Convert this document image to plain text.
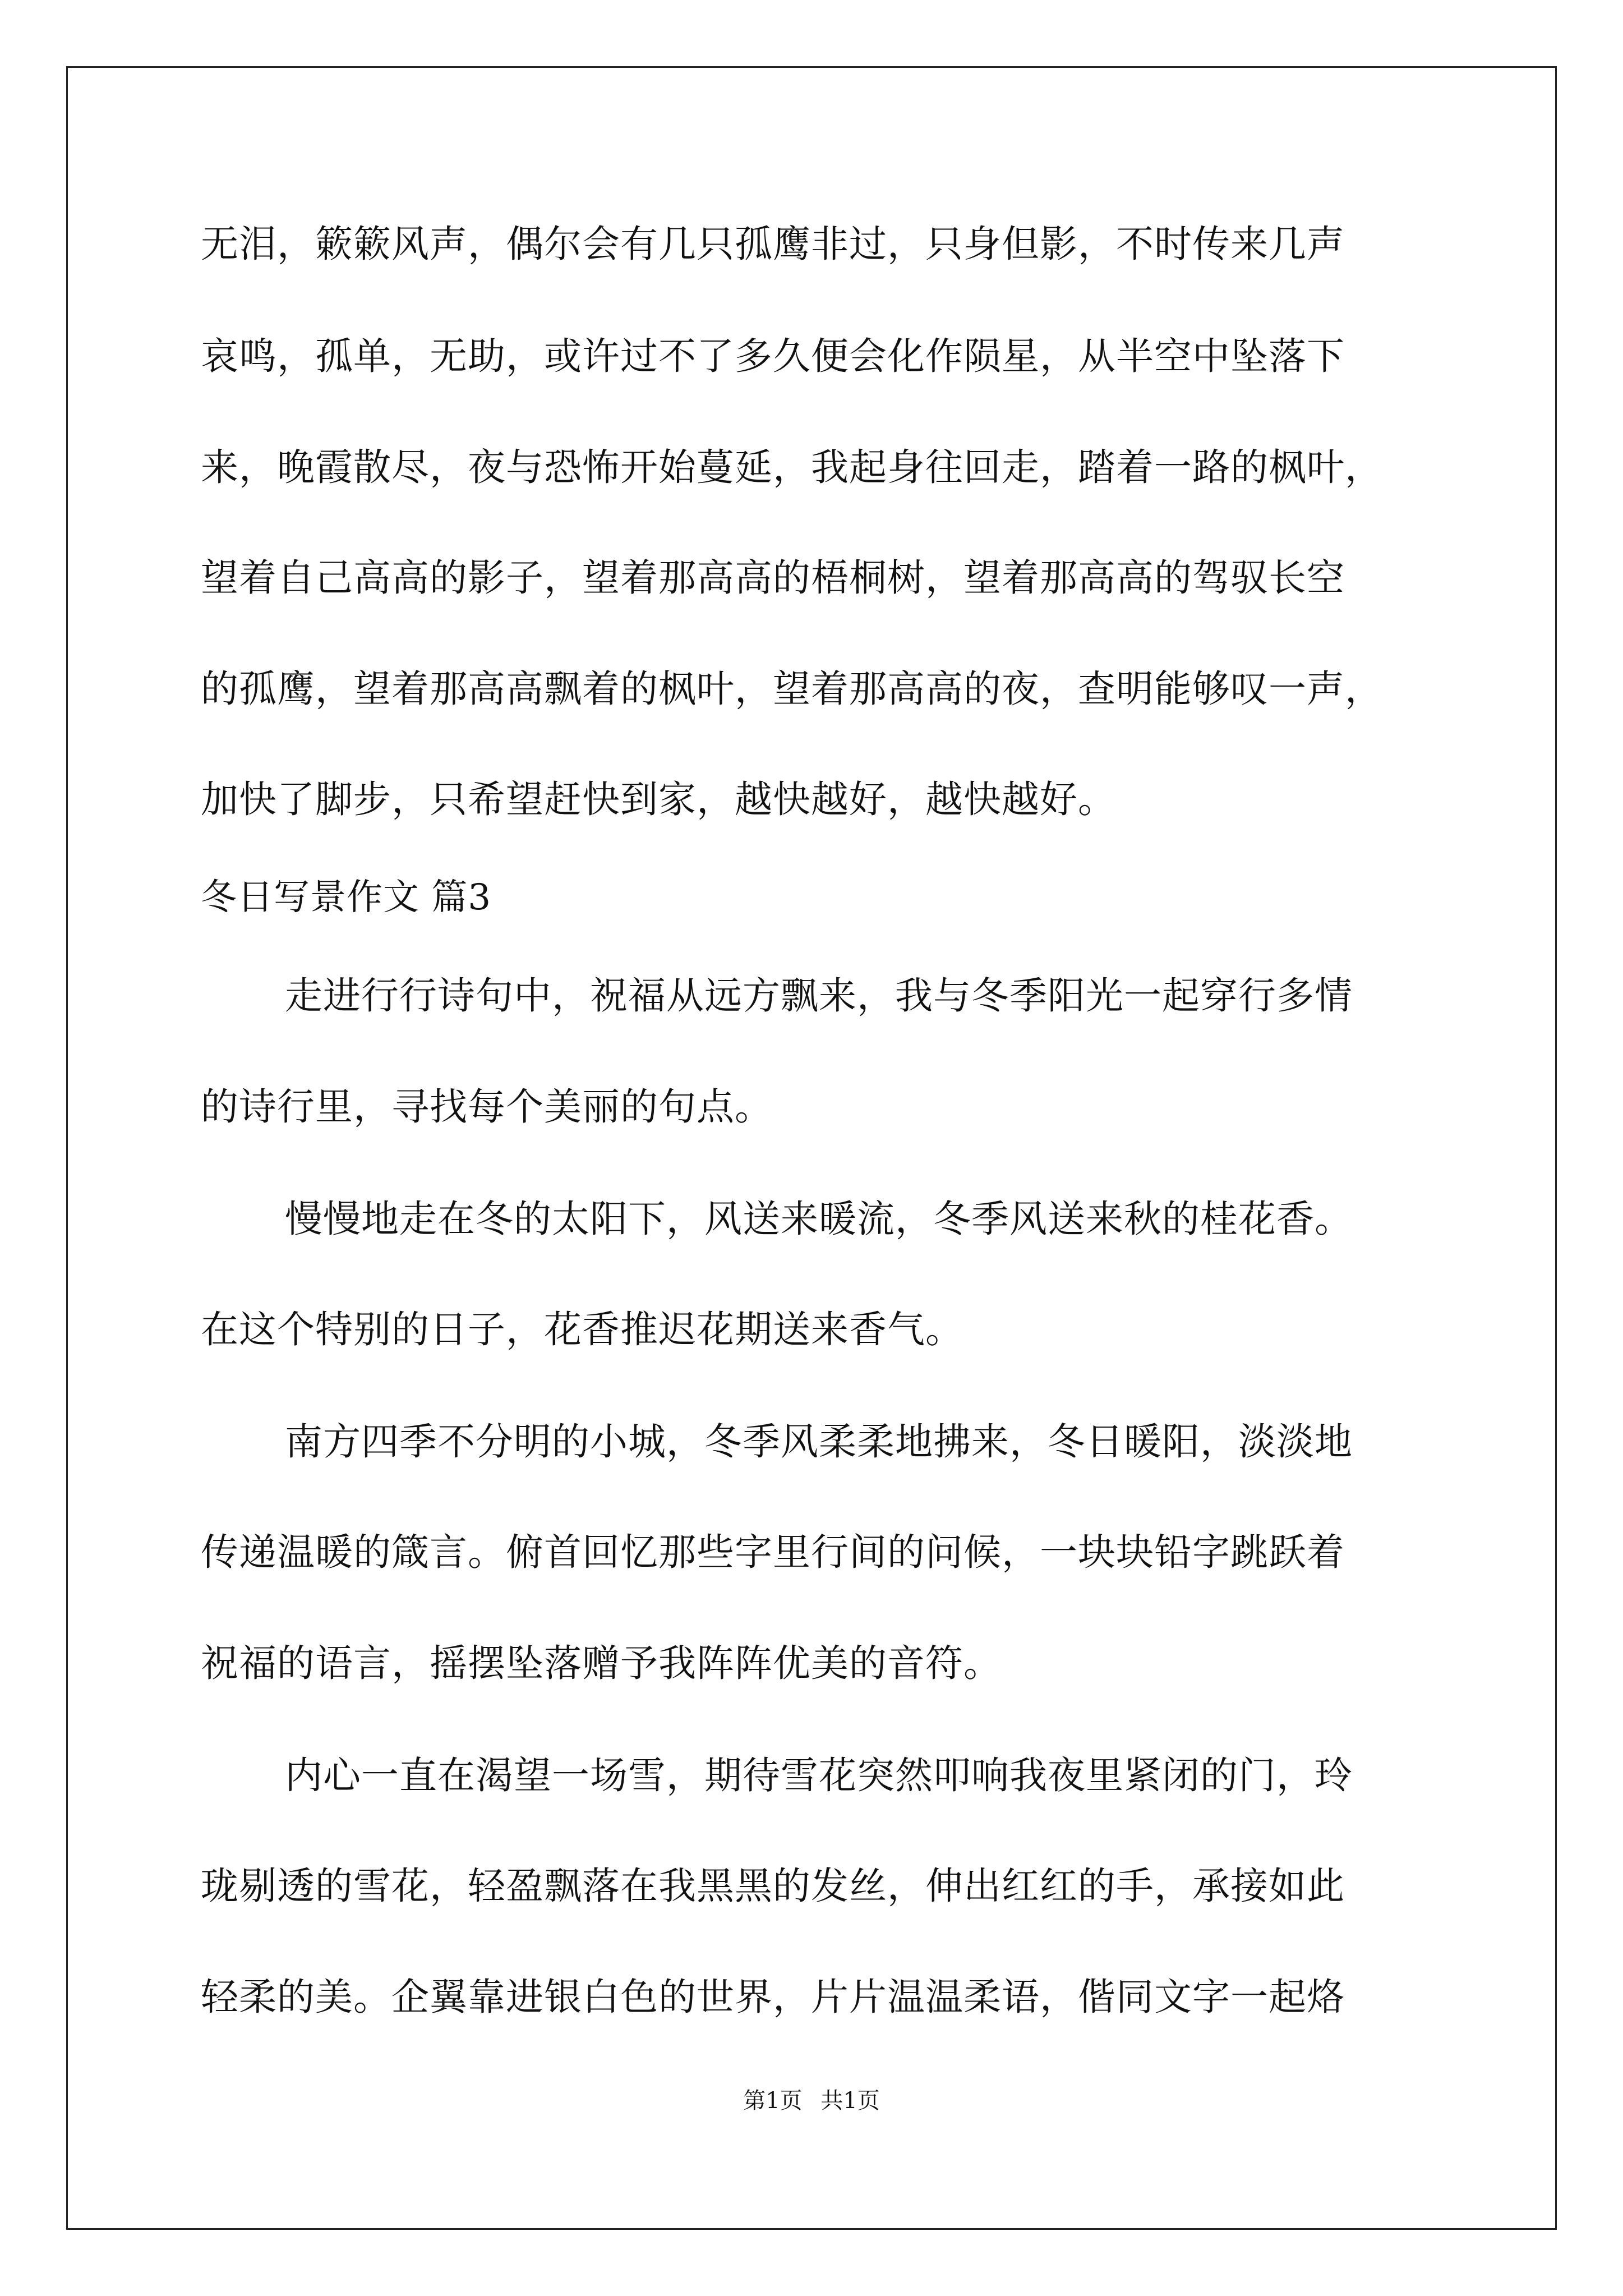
无泪，簌簌风声，偶尔会有几只孤鹰非过，只身但影，不时传来几声
哀鸣，孤单，无助，或许过不了多久便会化作陨星，从半空中坠落下
来，晚霞散尽，夜与恐怖开始蔓延，我起身往回走，踏着一路的枫叶，
望着自己高高的影子，望着那高高的梧桐树，望着那高高的驾驭长空
的孤鹰，望着那高高飘着的枫叶，望着那高高的夜，查明能够叹一声，
加快了脚步，只希望赶快到家，越快越好，越快越好。
冬日写景作文 篇3
走进行行诗句中，祝福从远方飘来，我与冬季阳光一起穿行多情
的诗行里，寻找每个美丽的句点。
慢慢地走在冬的太阳下，风送来暖流，冬季风送来秋的桂花香。
在这个特别的日子，花香推迟花期送来香气。
南方四季不分明的小城，冬季风柔柔地拂来，冬日暖阳，淡淡地
传递温暖的箴言。俯首回忆那些字里行间的问候，一块块铅字跳跃着
祝福的语言，摇摆坠落赠予我阵阵优美的音符。
内心一直在渴望一场雪，期待雪花突然叩响我夜里紧闭的门，玲
珑剔透的雪花，轻盈飘落在我黑黑的发丝，伸出红红的手，承接如此
轻柔的美。企翼靠进银白色的世界，片片温温柔语，偕同文字一起烙
第1页 共1页
